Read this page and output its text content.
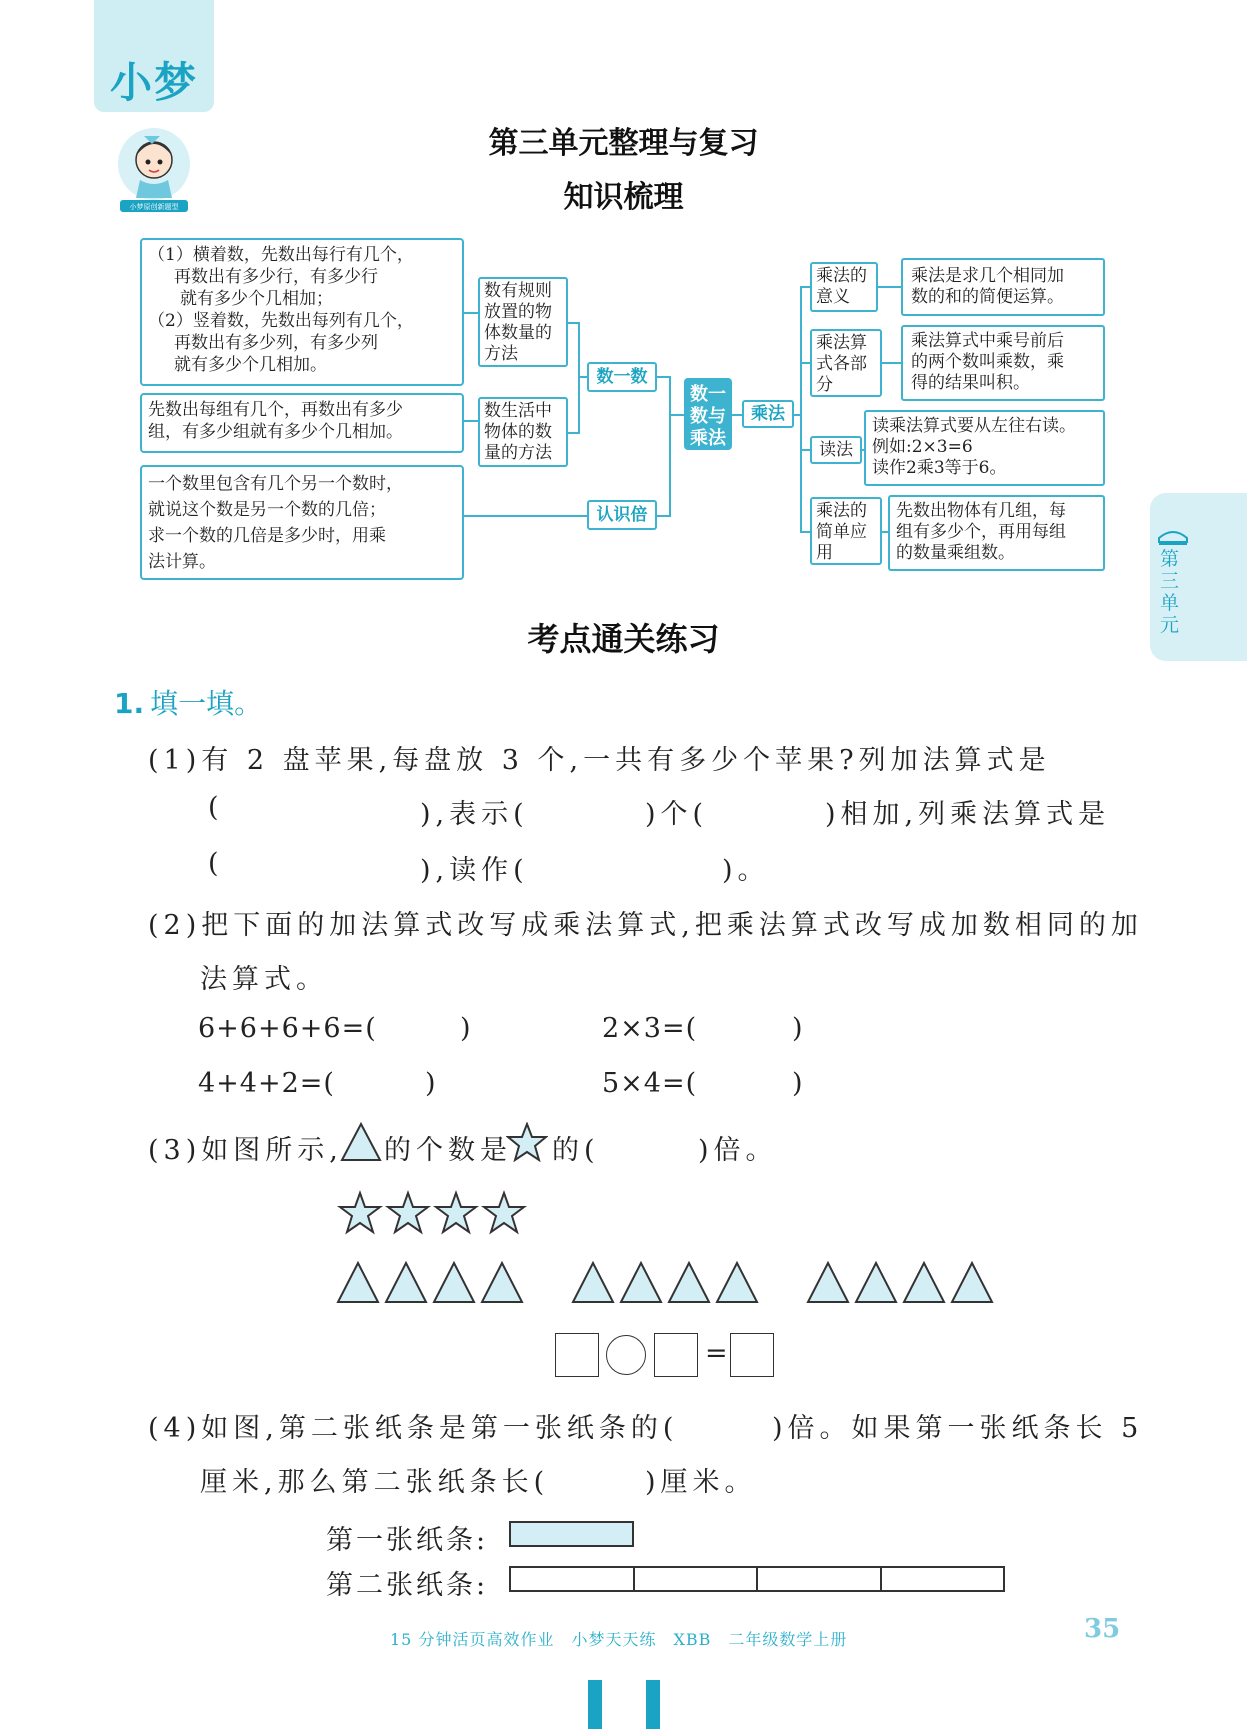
小梦
小梦原创新题型
第三单元整理与复习
知识梳理
（1）横着数，先数出每行有几个，
再数出有多少行，有多少行
就有多少个几相加；
（2）竖着数，先数出每列有几个，
再数出有多少列，有多少列
就有多少个几相加。
先数出每组有几个，再数出有多少
组，有多少组就有多少个几相加。
一个数里包含有几个另一个数时，
就说这个数是另一个数的几倍；
求一个数的几倍是多少时，用乘
法计算。
数有规则
放置的物
体数量的
方法
数生活中
物体的数
量的方法
数一数
认识倍
数一
数与
乘法
乘法
乘法的
意义
乘法是求几个相同加
数的和的简便运算。
乘法算
式各部
分
乘法算式中乘号前后
的两个数叫乘数，乘
得的结果叫积。
读法
读乘法算式要从左往右读。
例如:2×3=6
读作2乘3等于6。
乘法的
简单应
用
先数出物体有几组，每
组有多少个，再用每组
的数量乘组数。	第三单元
考点通关练习
1. 填一填。
(1)有 2 盘苹果,每盘放 3 个,一共有多少个苹果?列加法算式是
(	),表示(	)个(	)相加,列乘法算式是
(	),读作(	)。
(2)把下面的加法算式改写成乘法算式,把乘法算式改写成加数相同的加
法算式。
6+6+6+6=(	)	2×3=(	)
4+4+2=(	)	5×4=(	)
(3)如图所示, 的个数是 的(	)倍。
=
(4)如图,第二张纸条是第一张纸条的(	)倍。如果第一张纸条长 5
厘米,那么第二张纸条长(	)厘米。
第一张纸条:
第二张纸条:
15 分钟活页高效作业　小梦天天练　XBB　二年级数学上册	35
